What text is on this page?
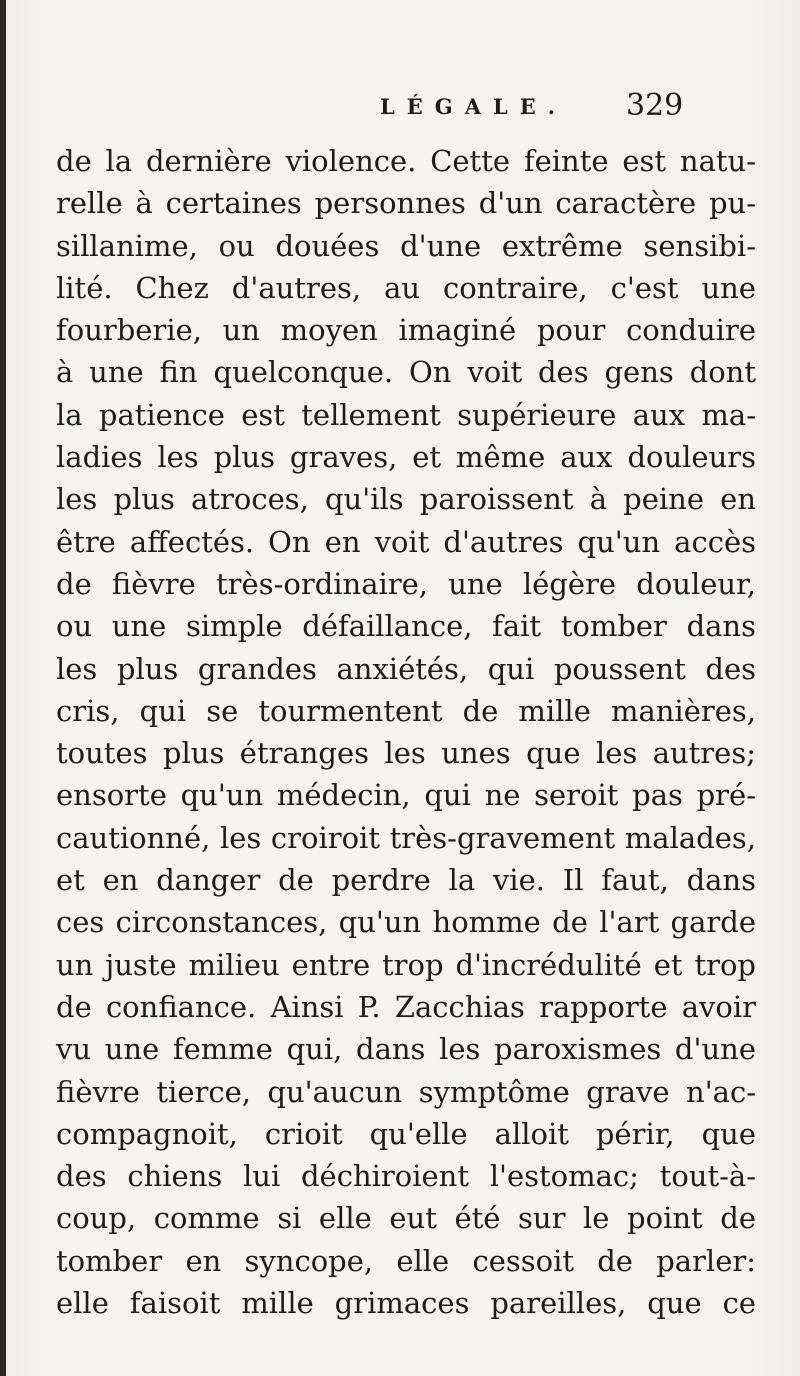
LÉGALE. 329
de la dernière violence. Cette feinte est natu-
relle à certaines personnes d'un caractère pu-
sillanime, ou douées d'une extrême sensibi-
lité. Chez d'autres, au contraire, c'est une
fourberie, un moyen imaginé pour conduire
à une fin quelconque. On voit des gens dont
la patience est tellement supérieure aux ma-
ladies les plus graves, et même aux douleurs
les plus atroces, qu'ils paroissent à peine en
être affectés. On en voit d'autres qu'un accès
de fièvre très-ordinaire, une légère douleur,
ou une simple défaillance, fait tomber dans
les plus grandes anxiétés, qui poussent des
cris, qui se tourmentent de mille manières,
toutes plus étranges les unes que les autres;
ensorte qu'un médecin, qui ne seroit pas pré-
cautionné, les croiroit très-gravement malades,
et en danger de perdre la vie. Il faut, dans
ces circonstances, qu'un homme de l'art garde
un juste milieu entre trop d'incrédulité et trop
de confiance. Ainsi P. Zacchias rapporte avoir
vu une femme qui, dans les paroxismes d'une
fièvre tierce, qu'aucun symptôme grave n'ac-
compagnoit, crioit qu'elle alloit périr, que
des chiens lui déchiroient l'estomac; tout-à-
coup, comme si elle eut été sur le point de
tomber en syncope, elle cessoit de parler:
elle faisoit mille grimaces pareilles, que ce
